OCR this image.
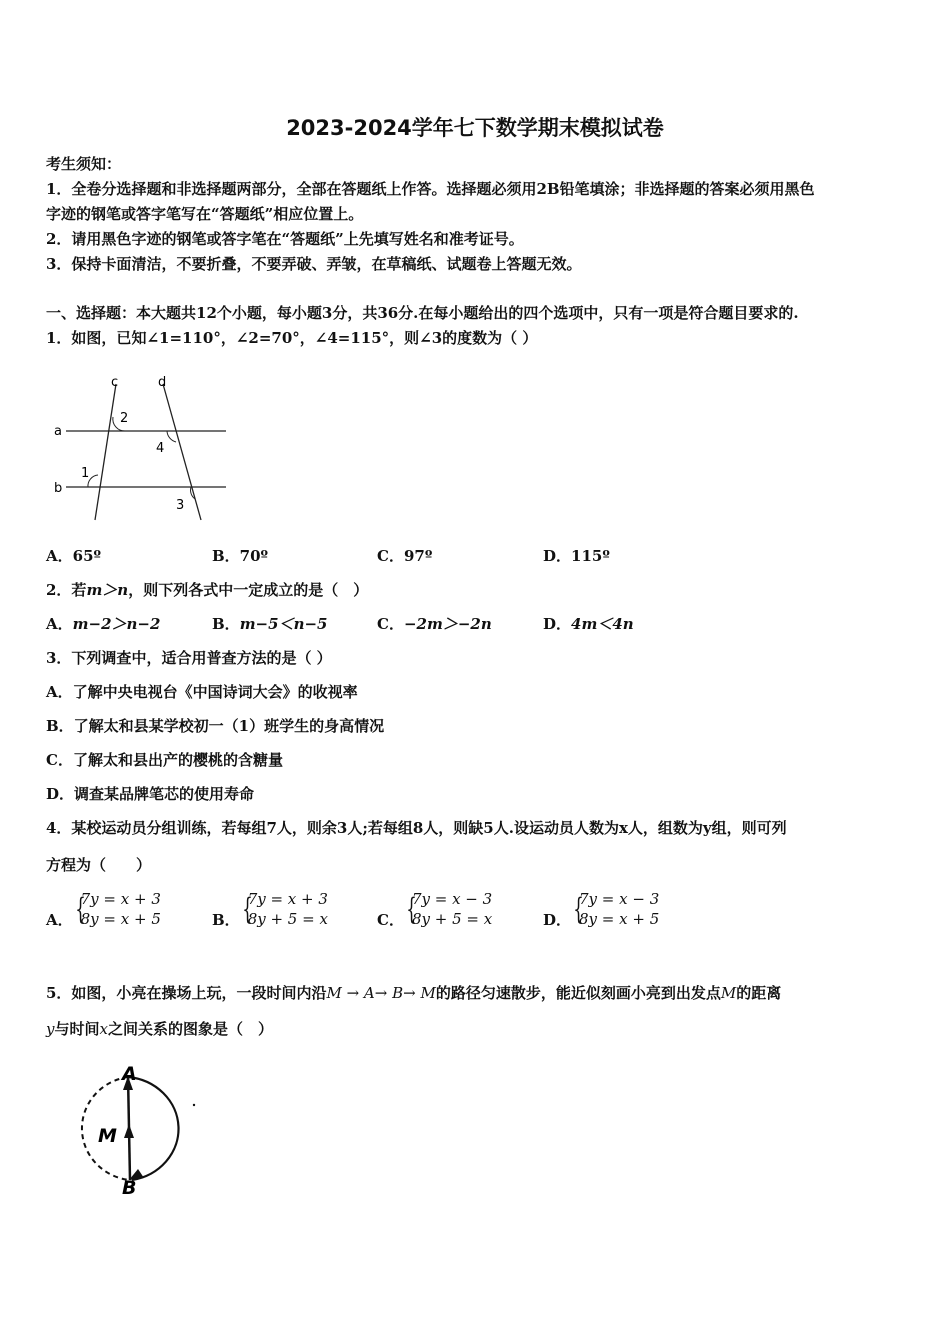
2023-2024学年七下数学期末模拟试卷
考生须知：
1．全卷分选择题和非选择题两部分，全部在答题纸上作答。选择题必须用2B铅笔填涂；非选择题的答案必须用黑色
字迹的钢笔或答字笔写在“答题纸”相应位置上。
2．请用黑色字迹的钢笔或答字笔在“答题纸”上先填写姓名和准考证号。
3．保持卡面清洁，不要折叠，不要弄破、弄皱，在草稿纸、试题卷上答题无效。
一、选择题：本大题共12个小题，每小题3分，共36分.在每小题给出的四个选项中，只有一项是符合题目要求的.
1．如图，已知∠1=110°，∠2=70°，∠4=115°，则∠3的度数为（ ）
c	d
a
b
1
2
3
4
A．65º	B．70º	C．97º	D．115º
2．若m＞n，则下列各式中一定成立的是（　）
A．m−2＞n−2	B．m−5＜n−5	C．−2m＞−2n	D．4m＜4n
3．下列调查中，适合用普查方法的是（ ）
A．了解中央电视台《中国诗词大会》的收视率
B．了解太和县某学校初一（1）班学生的身高情况
C．了解太和县出产的樱桃的含糖量
D．调查某品牌笔芯的使用寿命
4．某校运动员分组训练，若每组7人，则余3人;若每组8人，则缺5人.设运动员人数为x人，组数为y组，则可列
方程为（　　）
A．
{ 7y = x + 3
8y = x + 5	B．
{ 7y = x + 3
8y + 5 = x	C．
{ 7y = x − 3
8y + 5 = x	D．
{ 7y = x − 3
8y = x + 5
5．如图，小亮在操场上玩，一段时间内沿M → A→ B→ M的路径匀速散步，能近似刻画小亮到出发点M的距离
y与时间x之间关系的图象是（　）
A
M
B
